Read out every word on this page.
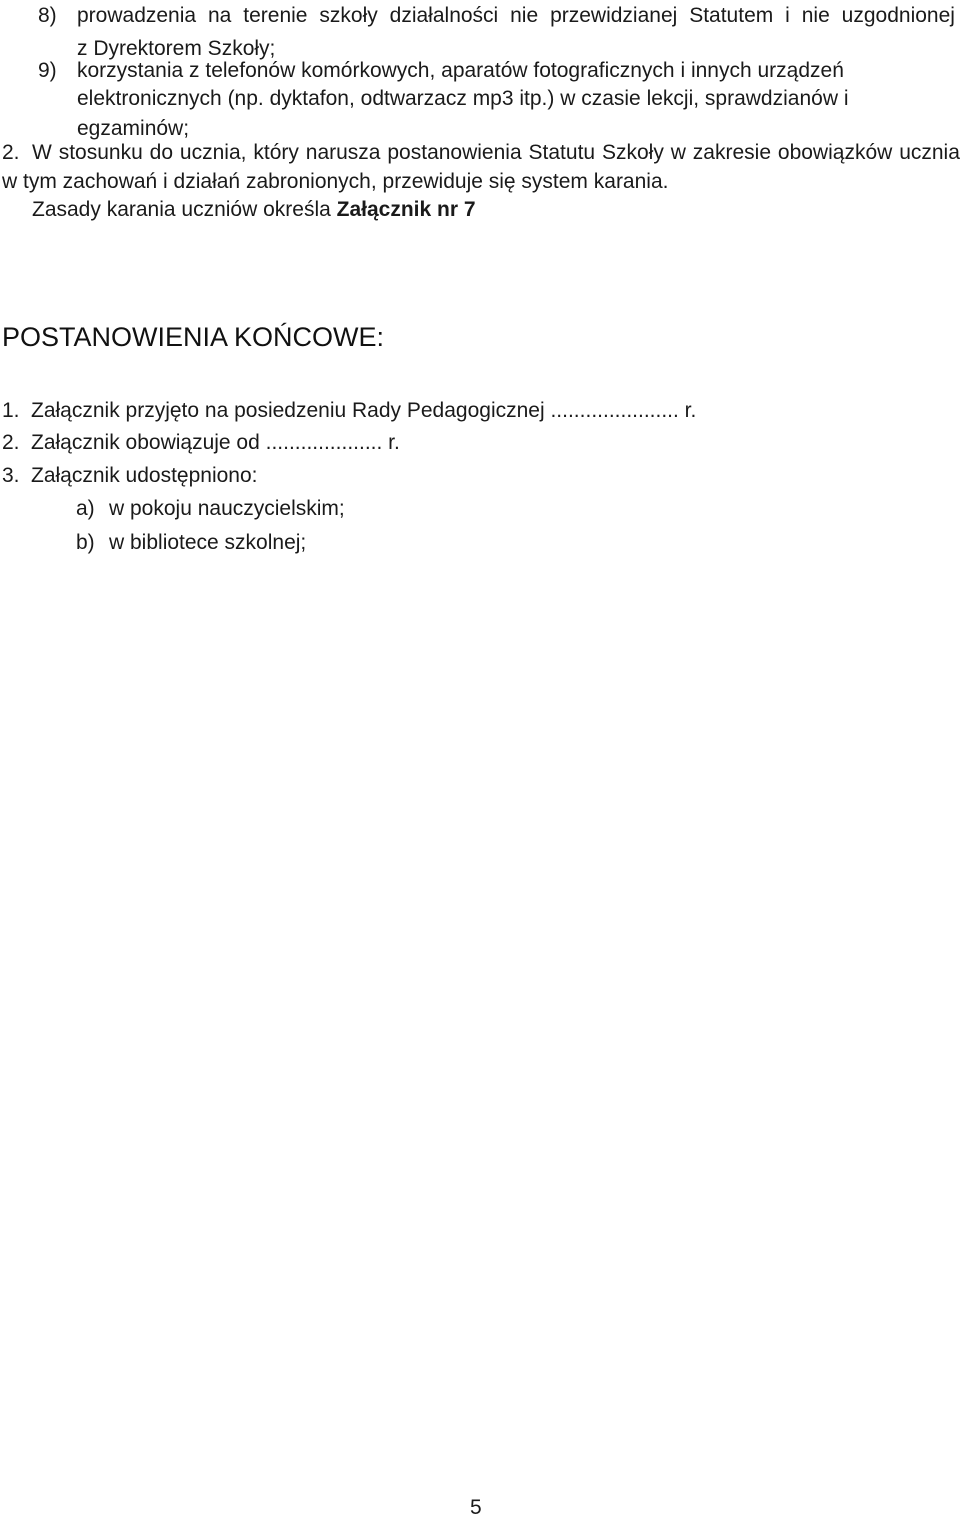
8) prowadzenia na terenie szkoły działalności nie przewidzianej Statutem i nie uzgodnionej
z Dyrektorem Szkoły;
9) korzystania z telefonów komórkowych, aparatów fotograficznych i innych urządzeń
elektronicznych (np. dyktafon, odtwarzacz mp3 itp.) w czasie lekcji, sprawdzianów i
egzaminów;
2. W stosunku do ucznia, który narusza postanowienia Statutu Szkoły w zakresie obowiązków ucznia
w tym zachowań i działań zabronionych, przewiduje się system karania.
Zasady karania uczniów określa Załącznik nr 7
POSTANOWIENIA KOŃCOWE:
1. Załącznik przyjęto na posiedzeniu Rady Pedagogicznej ...................... r.
2. Załącznik obowiązuje od .................... r.
3. Załącznik udostępniono:
a) w pokoju nauczycielskim;
b) w bibliotece szkolnej;
5
